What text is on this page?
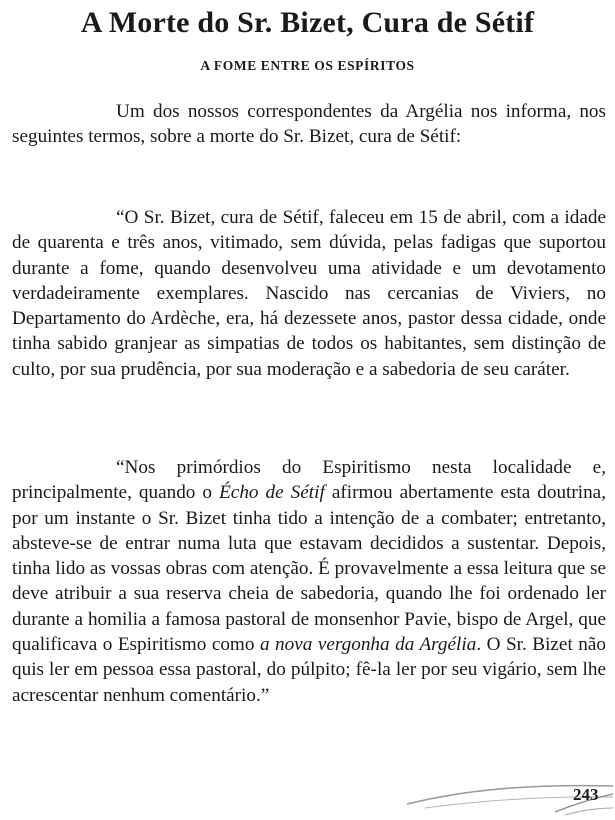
A Morte do Sr. Bizet, Cura de Sétif
A FOME ENTRE OS ESPÍRITOS

Um dos nossos correspondentes da Argélia nos informa, nos seguintes termos, sobre a morte do Sr. Bizet, cura de Sétif:

“O Sr. Bizet, cura de Sétif, faleceu em 15 de abril, com a idade de quarenta e três anos, vitimado, sem dúvida, pelas fadigas que suportou durante a fome, quando desenvolveu uma atividade e um devotamento verdadeiramente exemplares. Nascido nas cercanias de Viviers, no Departamento do Ardèche, era, há dezessete anos, pastor dessa cidade, onde tinha sabido granjear as simpatias de todos os habitantes, sem distinção de culto, por sua prudência, por sua moderação e a sabedoria de seu caráter.

“Nos primórdios do Espiritismo nesta localidade e, principalmente, quando o Écho de Sétif afirmou abertamente esta doutrina, por um instante o Sr. Bizet tinha tido a intenção de a combater; entretanto, absteve-se de entrar numa luta que estavam decididos a sustentar. Depois, tinha lido as vossas obras com atenção. É provavelmente a essa leitura que se deve atribuir a sua reserva cheia de sabedoria, quando lhe foi ordenado ler durante a homilia a famosa pastoral de monsenhor Pavie, bispo de Argel, que qualificava o Espiritismo como a nova vergonha da Argélia. O Sr. Bizet não quis ler em pessoa essa pastoral, do púlpito; fê-la ler por seu vigário, sem lhe acrescentar nenhum comentário.”

243
